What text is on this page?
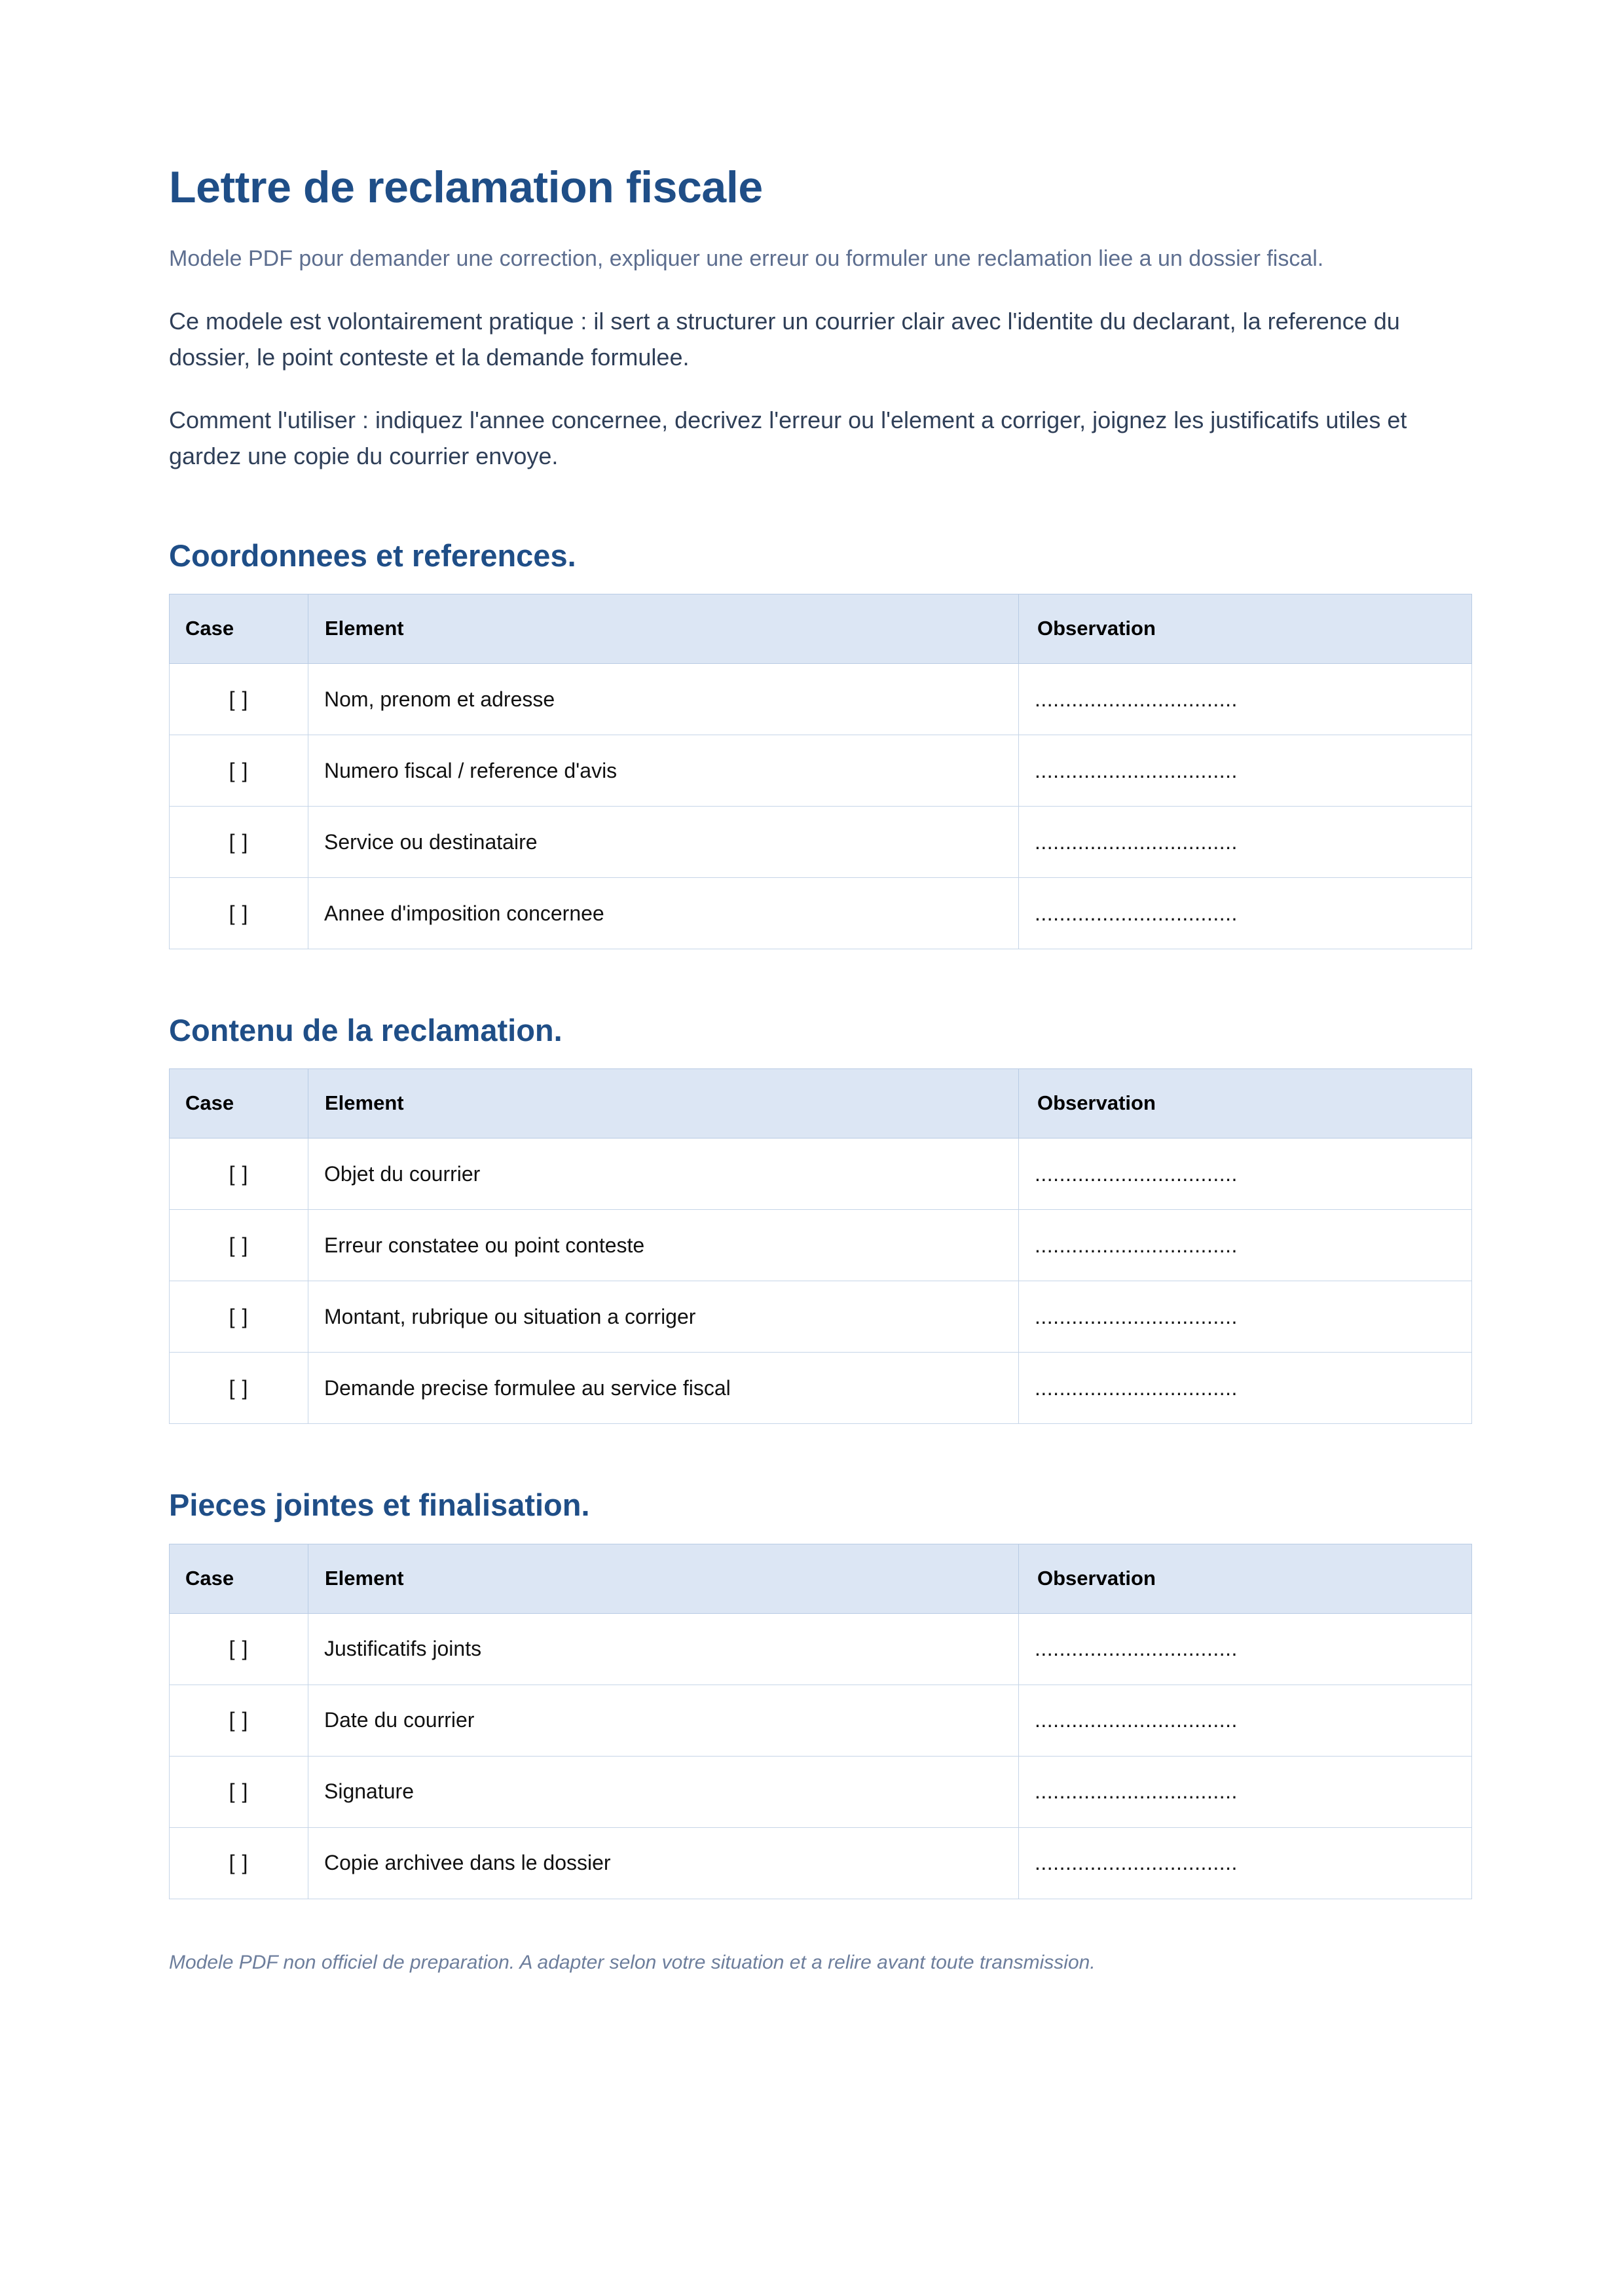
Lettre de reclamation fiscale

Modele PDF pour demander une correction, expliquer une erreur ou formuler une reclamation liee a un dossier fiscal.

Ce modele est volontairement pratique : il sert a structurer un courrier clair avec l'identite du declarant, la reference du dossier, le point conteste et la demande formulee.

Comment l'utiliser : indiquez l'annee concernee, decrivez l'erreur ou l'element a corriger, joignez les justificatifs utiles et gardez une copie du courrier envoye.

Coordonnees et references.
Case	Element	Observation
[ ]	Nom, prenom et adresse	.................................
[ ]	Numero fiscal / reference d'avis	.................................
[ ]	Service ou destinataire	.................................
[ ]	Annee d'imposition concernee	.................................
Contenu de la reclamation.
Case	Element	Observation
[ ]	Objet du courrier	.................................
[ ]	Erreur constatee ou point conteste	.................................
[ ]	Montant, rubrique ou situation a corriger	.................................
[ ]	Demande precise formulee au service fiscal	.................................
Pieces jointes et finalisation.
Case	Element	Observation
[ ]	Justificatifs joints	.................................
[ ]	Date du courrier	.................................
[ ]	Signature	.................................
[ ]	Copie archivee dans le dossier	.................................

Modele PDF non officiel de preparation. A adapter selon votre situation et a relire avant toute transmission.
